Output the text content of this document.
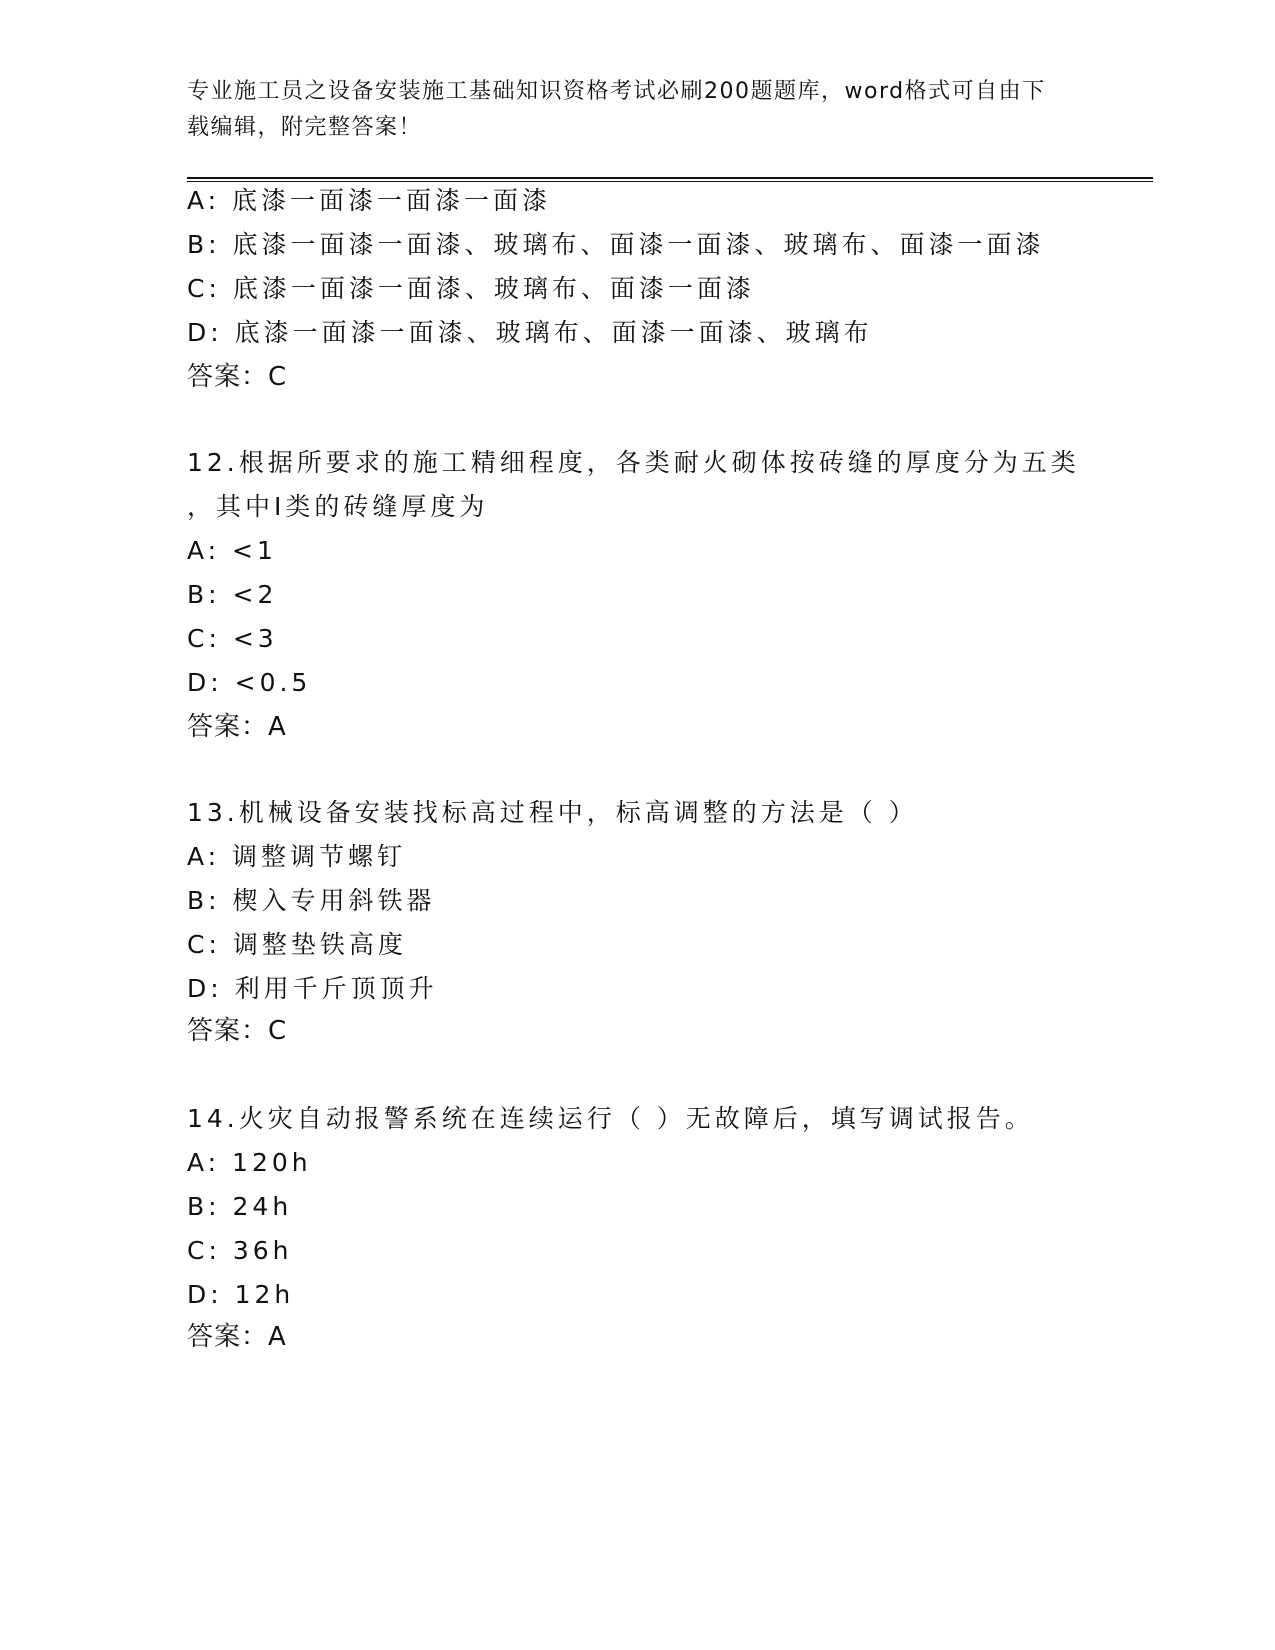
专业施工员之设备安装施工基础知识资格考试必刷200题题库，word格式可自由下载编辑，附完整答案！
A: 底漆一面漆一面漆一面漆
B: 底漆一面漆一面漆、玻璃布、面漆一面漆、玻璃布、面漆一面漆
C: 底漆一面漆一面漆、玻璃布、面漆一面漆
D: 底漆一面漆一面漆、玻璃布、面漆一面漆、玻璃布
答案：C
12.根据所要求的施工精细程度，各类耐火砌体按砖缝的厚度分为五类
，其中Ⅰ类的砖缝厚度为
A: <1
B: <2
C: <3
D: <0.5
答案：A
13.机械设备安装找标高过程中，标高调整的方法是（ ）
A: 调整调节螺钉
B: 楔入专用斜铁器
C: 调整垫铁高度
D: 利用千斤顶顶升
答案：C
14.火灾自动报警系统在连续运行（ ）无故障后，填写调试报告。
A: 120h
B: 24h
C: 36h
D: 12h
答案：A
